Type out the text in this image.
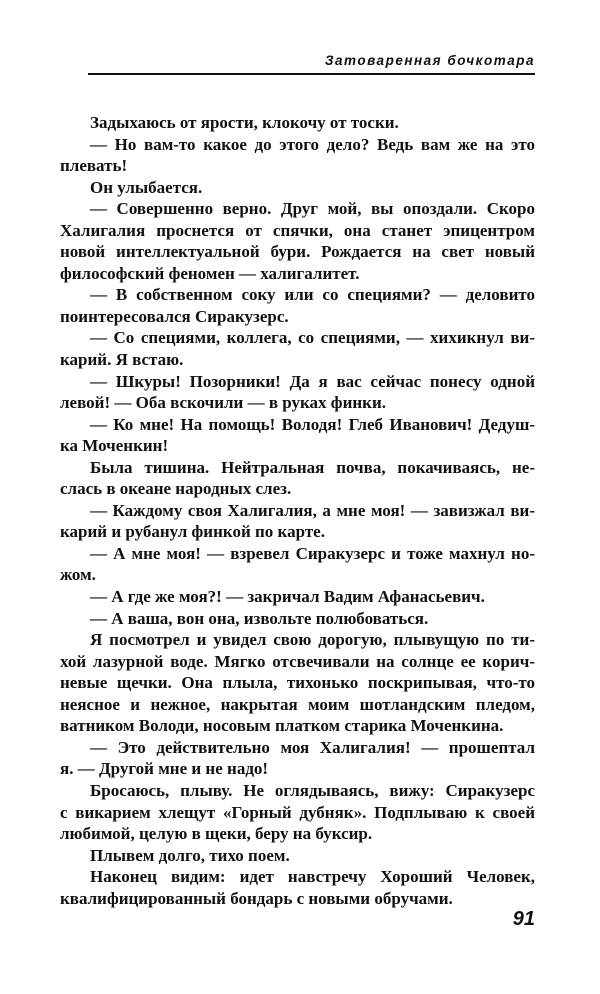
Затоваренная бочкотара
Задыхаюсь от ярости, клокочу от тоски.
— Но вам-то какое до этого дело? Ведь вам же на это
плевать!
Он улыбается.
— Совершенно верно. Друг мой, вы опоздали. Скоро
Халигалия проснется от спячки, она станет эпицентром
новой интеллектуальной бури. Рождается на свет новый
философский феномен — халигалитет.
— В собственном соку или со специями? — деловито
поинтересовался Сиракузерс.
— Со специями, коллега, со специями, — хихикнул ви-
карий. Я встаю.
— Шкуры! Позорники! Да я вас сейчас понесу одной
левой! — Оба вскочили — в руках финки.
— Ко мне! На помощь! Володя! Глеб Иванович! Дедуш-
ка Моченкин!
Была тишина. Нейтральная почва, покачиваясь, не-
слась в океане народных слез.
— Каждому своя Халигалия, а мне моя! — завизжал ви-
карий и рубанул финкой по карте.
— А мне моя! — взревел Сиракузерс и тоже махнул но-
жом.
— А где же моя?! — закричал Вадим Афанасьевич.
— А ваша, вон она, извольте полюбоваться.
Я посмотрел и увидел свою дорогую, плывущую по ти-
хой лазурной воде. Мягко отсвечивали на солнце ее корич-
невые щечки. Она плыла, тихонько поскрипывая, что-то
неясное и нежное, накрытая моим шотландским пледом,
ватником Володи, носовым платком старика Моченкина.
— Это действительно моя Халигалия! — прошептал
я. — Другой мне и не надо!
Бросаюсь, плыву. Не оглядываясь, вижу: Сиракузерс
с викарием хлещут «Горный дубняк». Подплываю к своей
любимой, целую в щеки, беру на буксир.
Плывем долго, тихо поем.
Наконец видим: идет навстречу Хороший Человек,
квалифицированный бондарь с новыми обручами.
91
